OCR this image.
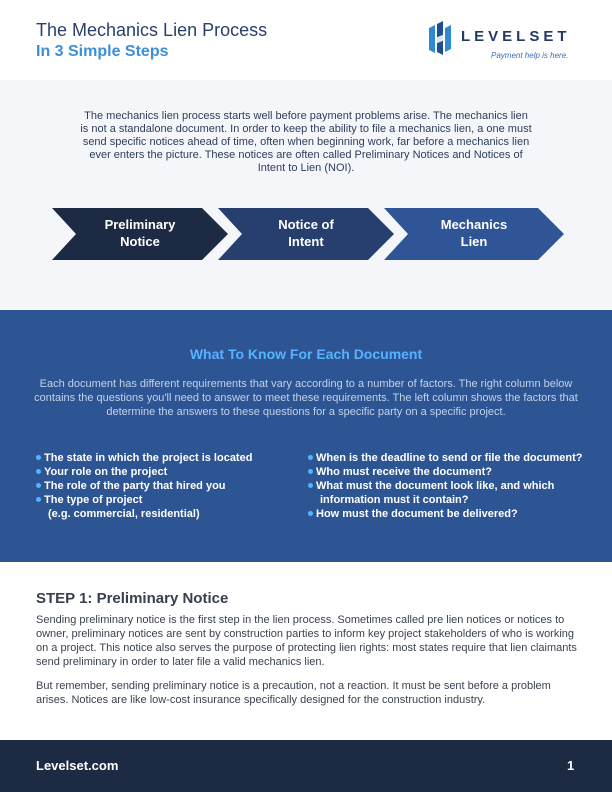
The Mechanics Lien Process
In 3 Simple Steps
LEVELSET
Payment help is here.
The mechanics lien process starts well before payment problems arise. The mechanics lien is not a standalone document. In order to keep the ability to file a mechanics lien, a one must send specific notices ahead of time, often when beginning work, far before a mechanics lien ever enters the picture. These notices are often called Preliminary Notices and Notices of Intent to Lien (NOI).
Preliminary
Notice
Notice of
Intent
Mechanics
Lien
What To Know For Each Document
Each document has different requirements that vary according to a number of factors. The right column below contains the questions you'll need to answer to meet these requirements. The left column shows the factors that determine the answers to these questions for a specific party on a specific project.
The state in which the project is located
Your role on the project
The role of the party that hired you
The type of project
(e.g. commercial, residential)
When is the deadline to send or file the document?
Who must receive the document?
What must the document look like, and which
information must it contain?
How must the document be delivered?
STEP 1: Preliminary Notice
Sending preliminary notice is the first step in the lien process. Sometimes called pre lien notices or notices to owner, preliminary notices are sent by construction parties to inform key project stakeholders of who is working on a project. This notice also serves the purpose of protecting lien rights: most states require that lien claimants send preliminary in order to later file a valid mechanics lien.
But remember, sending preliminary notice is a precaution, not a reaction. It must be sent before a problem arises. Notices are like low-cost insurance specifically designed for the construction industry.
Levelset.com	1
